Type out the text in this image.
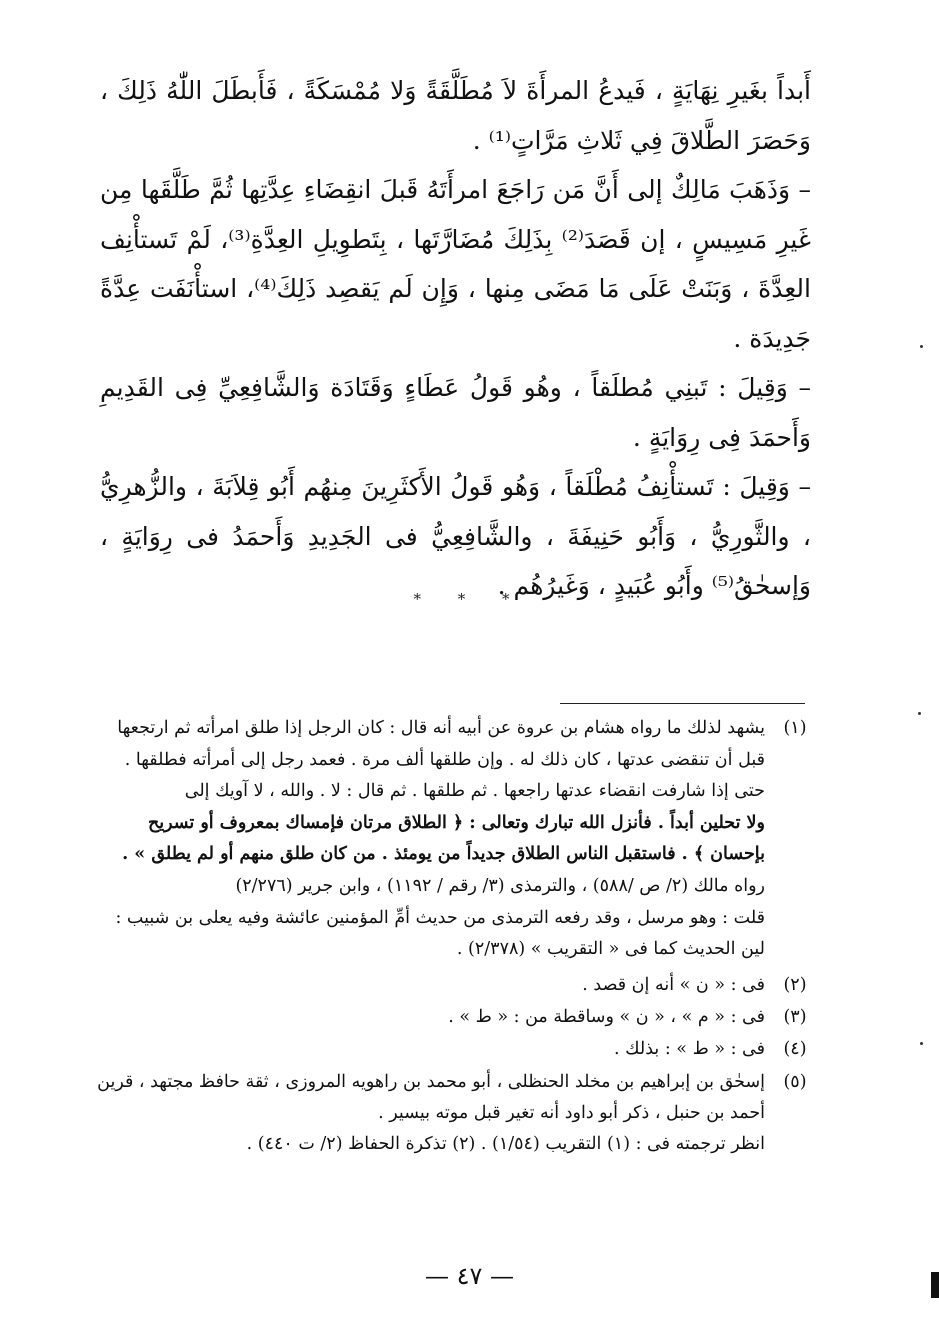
أَبداً بغَيرِ نِهَايَةٍ ، فَيدعُ المرأَةَ لاَ مُطَلَّقَةً وَلا مُمْسَكَةً ، فَأَبطَلَ اللّٰهُ ذَلِكَ ، وَحَصَرَ الطَّلاقَ فِي ثَلاثِ مَرَّاتٍ⁽¹⁾ .

– وَذَهَبَ مَالِكٌ إلى أَنَّ مَن رَاجَعَ امرأَتَهُ قَبلَ انقِضَاءِ عِدَّتِها ثُمَّ طَلَّقَها مِن غَيرِ مَسِيسٍ ، إن قَصَدَ⁽²⁾ بِذَلِكَ مُضَارَّتَها ، بِتَطوِيلِ العِدَّةِ⁽³⁾، لَمْ تَستأْنِف العِدَّةَ ، وَبَنَتْ عَلَى مَا مَضَى مِنها ، وَإِن لَم يَقصِد ذَلِكَ⁽⁴⁾، استأْنَفَت عِدَّةً جَدِيدَة .

– وَقِيلَ : تَبنِي مُطلَقاً ، وهُو قَولُ عَطَاءٍ وَقَتَادَة وَالشَّافِعِيِّ فِى القَدِيمِ وَأَحمَدَ فِى رِوَايَةٍ .

– وَقِيلَ : تَستأْنِفُ مُطْلَقاً ، وَهُو قَولُ الأَكثَرِينَ مِنهُم أَبُو قِلاَبَةَ ، والزُّهرِيُّ ، والثَّورِيُّ ، وَأَبُو حَنِيفَةَ ، والشَّافِعِيُّ فى الجَدِيدِ وَأَحمَدُ فى رِوَايَةٍ ، وَإسحٰقُ⁽⁵⁾ وأَبُو عُبَيدٍ ، وَغَيرُهُم .

* * *
(١)
يشهد لذلك ما رواه هشام بن عروة عن أبيه أنه قال : كان الرجل إذا طلق امرأته ثم ارتجعها
قبل أن تنقضى عدتها ، كان ذلك له . وإن طلقها ألف مرة . فعمد رجل إلى أمرأته فطلقها .
حتى إذا شارفت انقضاء عدتها راجعها . ثم طلقها . ثم قال : لا . والله ، لا آويك إلى
ولا تحلين أبداً . فأنزل الله تبارك وتعالى : ﴿ الطلاق مرتان فإمساك بمعروف أو تسريح
بإحسان ﴾ . فاستقبل الناس الطلاق جديداً من يومئذ . من كان طلق منهم أو لم يطلق » .
رواه مالك (٢/ ص /٥٨٨) ، والترمذى (٣/ رقم / ١١٩٢) ، وابن جرير (٢/٢٧٦)
قلت : وهو مرسل ، وقد رفعه الترمذى من حديث أمِّ المؤمنين عائشة وفيه يعلى بن شبيب :
لين الحديث كما فى « التقريب » (٢/٣٧٨) .
(٢)
فى : « ن » أنه إن قصد .
(٣)
فى : « م » ، « ن » وساقطة من : « ط » .
(٤)
فى : « ط » : بذلك .
(٥)
إسحٰق بن إبراهيم بن مخلد الحنظلى ، أبو محمد بن راهويه المروزى ، ثقة حافظ مجتهد ، قرين
أحمد بن حنبل ، ذكر أبو داود أنه تغير قبل موته بيسير .
انظر ترجمته فى : (١) التقريب (١/٥٤) . (٢) تذكرة الحفاظ (٢/ ت ٤٤٠) .
— ٤٧ —
